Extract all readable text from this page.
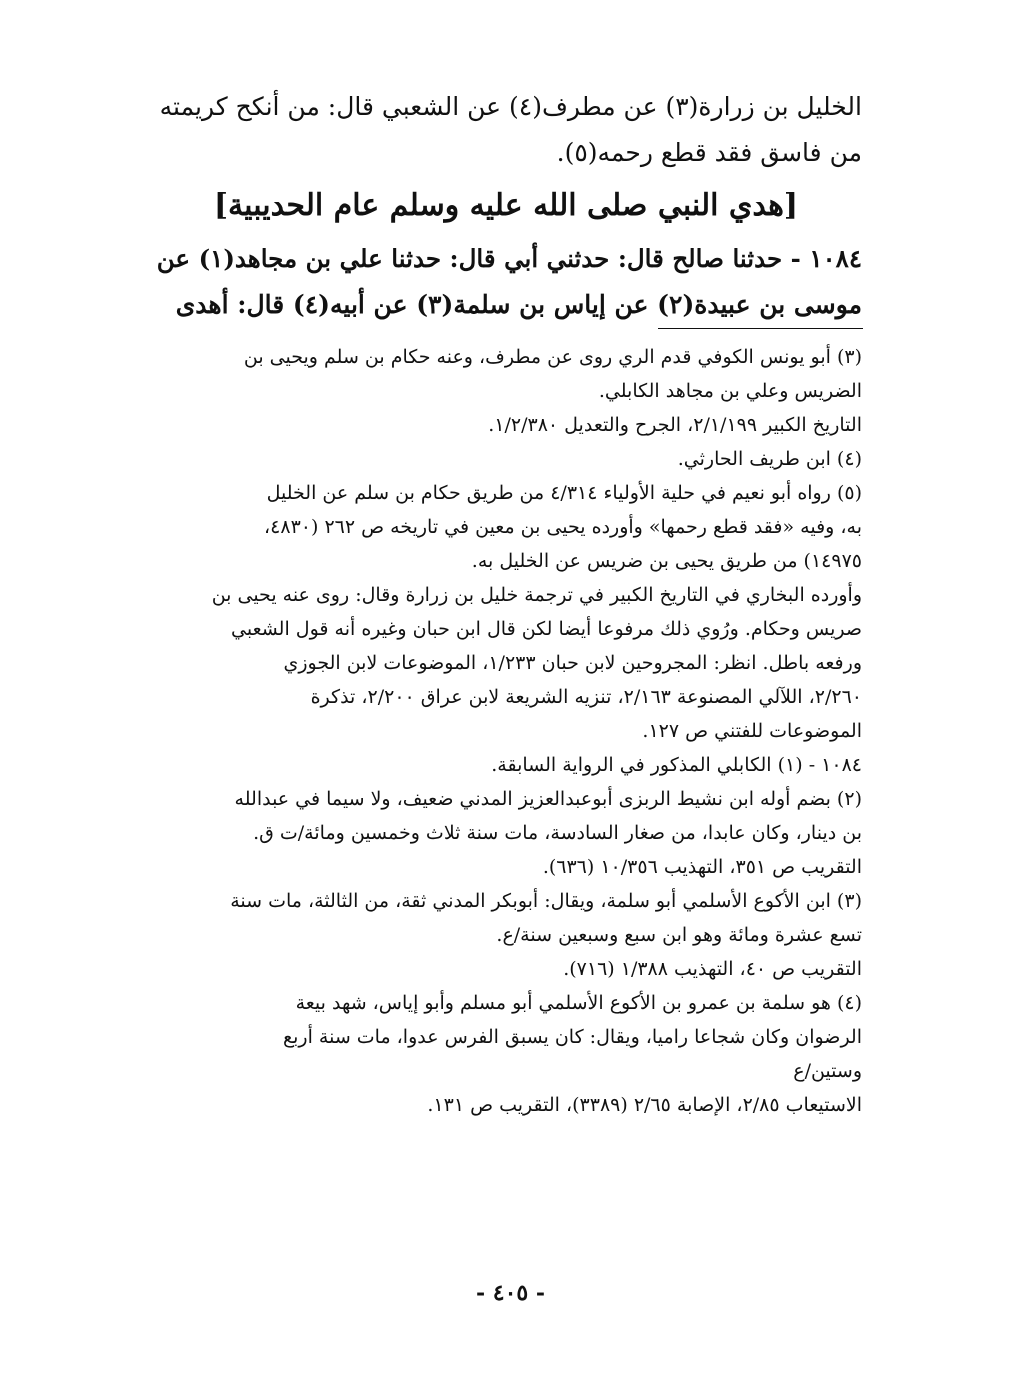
الخليل بن زرارة(٣) عن مطرف(٤) عن الشعبي قال: من أنكح كريمته
من فاسق فقد قطع رحمه(٥).
[هدي النبي صلى الله عليه وسلم عام الحديبية]
١٠٨٤ - حدثنا صالح قال: حدثني أبي قال: حدثنا علي بن مجاهد(١) عن
موسى بن عبيدة(٢) عن إياس بن سلمة(٣) عن أبيه(٤) قال: أهدى
(٣) أبو يونس الكوفي قدم الري روى عن مطرف، وعنه حكام بن سلم ويحيى بن
الضريس وعلي بن مجاهد الكابلي.
التاريخ الكبير ٢/١/١٩٩، الجرح والتعديل ١/٢/٣٨٠.
(٤) ابن طريف الحارثي.
(٥) رواه أبو نعيم في حلية الأولياء ٤/٣١٤ من طريق حكام بن سلم عن الخليل
به، وفيه «فقد قطع رحمها» وأورده يحيى بن معين في تاريخه ص ٢٦٢ (٤٨٣٠،
١٤٩٧٥) من طريق يحيى بن ضريس عن الخليل به.
وأورده البخاري في التاريخ الكبير في ترجمة خليل بن زرارة وقال: روى عنه يحيى بن
صريس وحكام. ورُوي ذلك مرفوعا أيضا لكن قال ابن حبان وغيره أنه قول الشعبي
ورفعه باطل. انظر: المجروحين لابن حبان ١/٢٣٣، الموضوعات لابن الجوزي
٢/٢٦٠، اللآلي المصنوعة ٢/١٦٣، تنزيه الشريعة لابن عراق ٢/٢٠٠، تذكرة
الموضوعات للفتني ص ١٢٧.
١٠٨٤ - (١) الكابلي المذكور في الرواية السابقة.
(٢) بضم أوله ابن نشيط الربزى أبوعبدالعزيز المدني ضعيف، ولا سيما في عبدالله
بن دينار، وكان عابدا، من صغار السادسة، مات سنة ثلاث وخمسين ومائة/ت ق.
التقريب ص ٣٥١، التهذيب ١٠/٣٥٦ (٦٣٦).
(٣) ابن الأكوع الأسلمي أبو سلمة، ويقال: أبوبكر المدني ثقة، من الثالثة، مات سنة
تسع عشرة ومائة وهو ابن سبع وسبعين سنة/ع.
التقريب ص ٤٠، التهذيب ١/٣٨٨ (٧١٦).
(٤) هو سلمة بن عمرو بن الأكوع الأسلمي أبو مسلم وأبو إياس، شهد بيعة
الرضوان وكان شجاعا راميا، ويقال: كان يسبق الفرس عدوا، مات سنة أربع
وستين/ع
الاستيعاب ٢/٨٥، الإصابة ٢/٦٥ (٣٣٨٩)، التقريب ص ١٣١.
- ٤٠٥ -
